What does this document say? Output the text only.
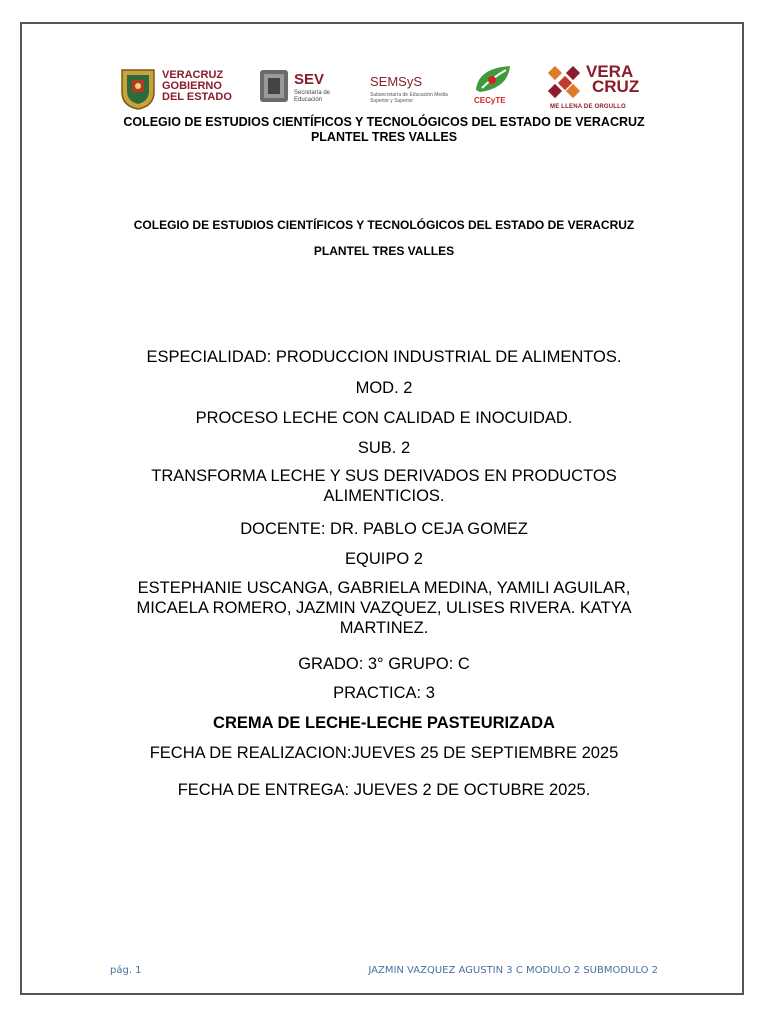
VERACRUZ
GOBIERNO
DEL ESTADO
SEV
Secretaría de Educación
SEMSyS
Subsecretaría de Educación Media Superior y Superior	CECyTE
VERA
CRUZ
ME LLENA DE ORGULLO
COLEGIO DE ESTUDIOS CIENTÍFICOS Y TECNOLÓGICOS DEL ESTADO DE VERACRUZ
PLANTEL TRES VALLES
COLEGIO DE ESTUDIOS CIENTÍFICOS Y TECNOLÓGICOS DEL ESTADO DE VERACRUZ
PLANTEL TRES VALLES
ESPECIALIDAD: PRODUCCION INDUSTRIAL DE ALIMENTOS.
MOD. 2
PROCESO LECHE CON CALIDAD E INOCUIDAD.
SUB. 2
TRANSFORMA LECHE Y SUS DERIVADOS EN PRODUCTOS
ALIMENTICIOS.
DOCENTE: DR. PABLO CEJA GOMEZ
EQUIPO 2
ESTEPHANIE USCANGA, GABRIELA MEDINA, YAMILI AGUILAR,
MICAELA ROMERO, JAZMIN VAZQUEZ, ULISES RIVERA. KATYA
MARTINEZ.
GRADO: 3° GRUPO: C
PRACTICA: 3
CREMA DE LECHE-LECHE PASTEURIZADA
FECHA DE REALIZACION:JUEVES 25 DE SEPTIEMBRE 2025
FECHA DE ENTREGA: JUEVES 2 DE OCTUBRE 2025.
pág. 1	JAZMIN VAZQUEZ AGUSTIN 3 C MODULO 2 SUBMODULO 2
